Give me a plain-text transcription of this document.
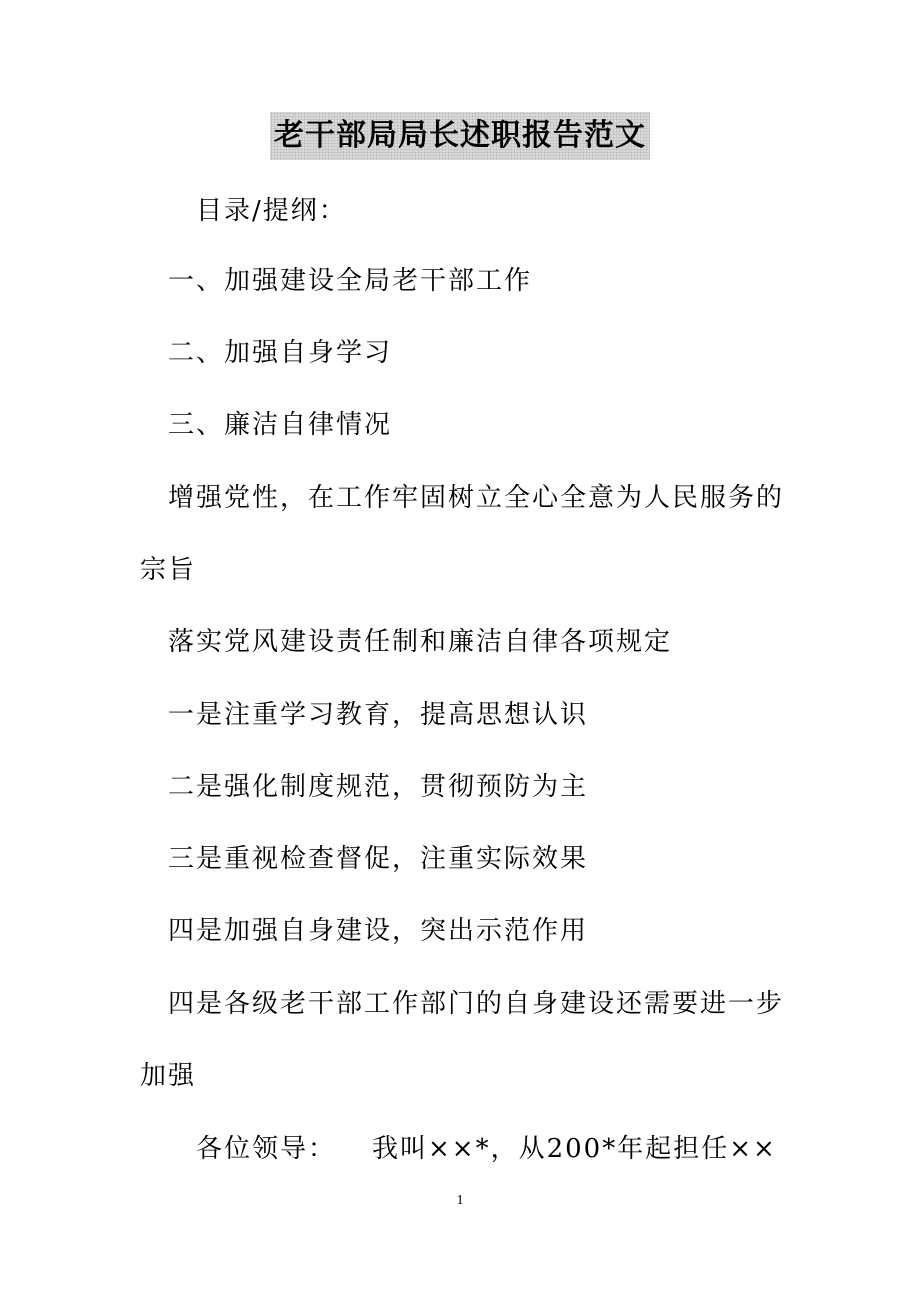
老干部局局长述职报告范文
目录/提纲：
一、加强建设全局老干部工作
二、加强自身学习
三、廉洁自律情况
增强党性，在工作牢固树立全心全意为人民服务的
宗旨
落实党风建设责任制和廉洁自律各项规定
一是注重学习教育，提高思想认识
二是强化制度规范，贯彻预防为主
三是重视检查督促，注重实际效果
四是加强自身建设，突出示范作用
四是各级老干部工作部门的自身建设还需要进一步
加强
各位领导： 我叫××*，从200*年起担任××
1
